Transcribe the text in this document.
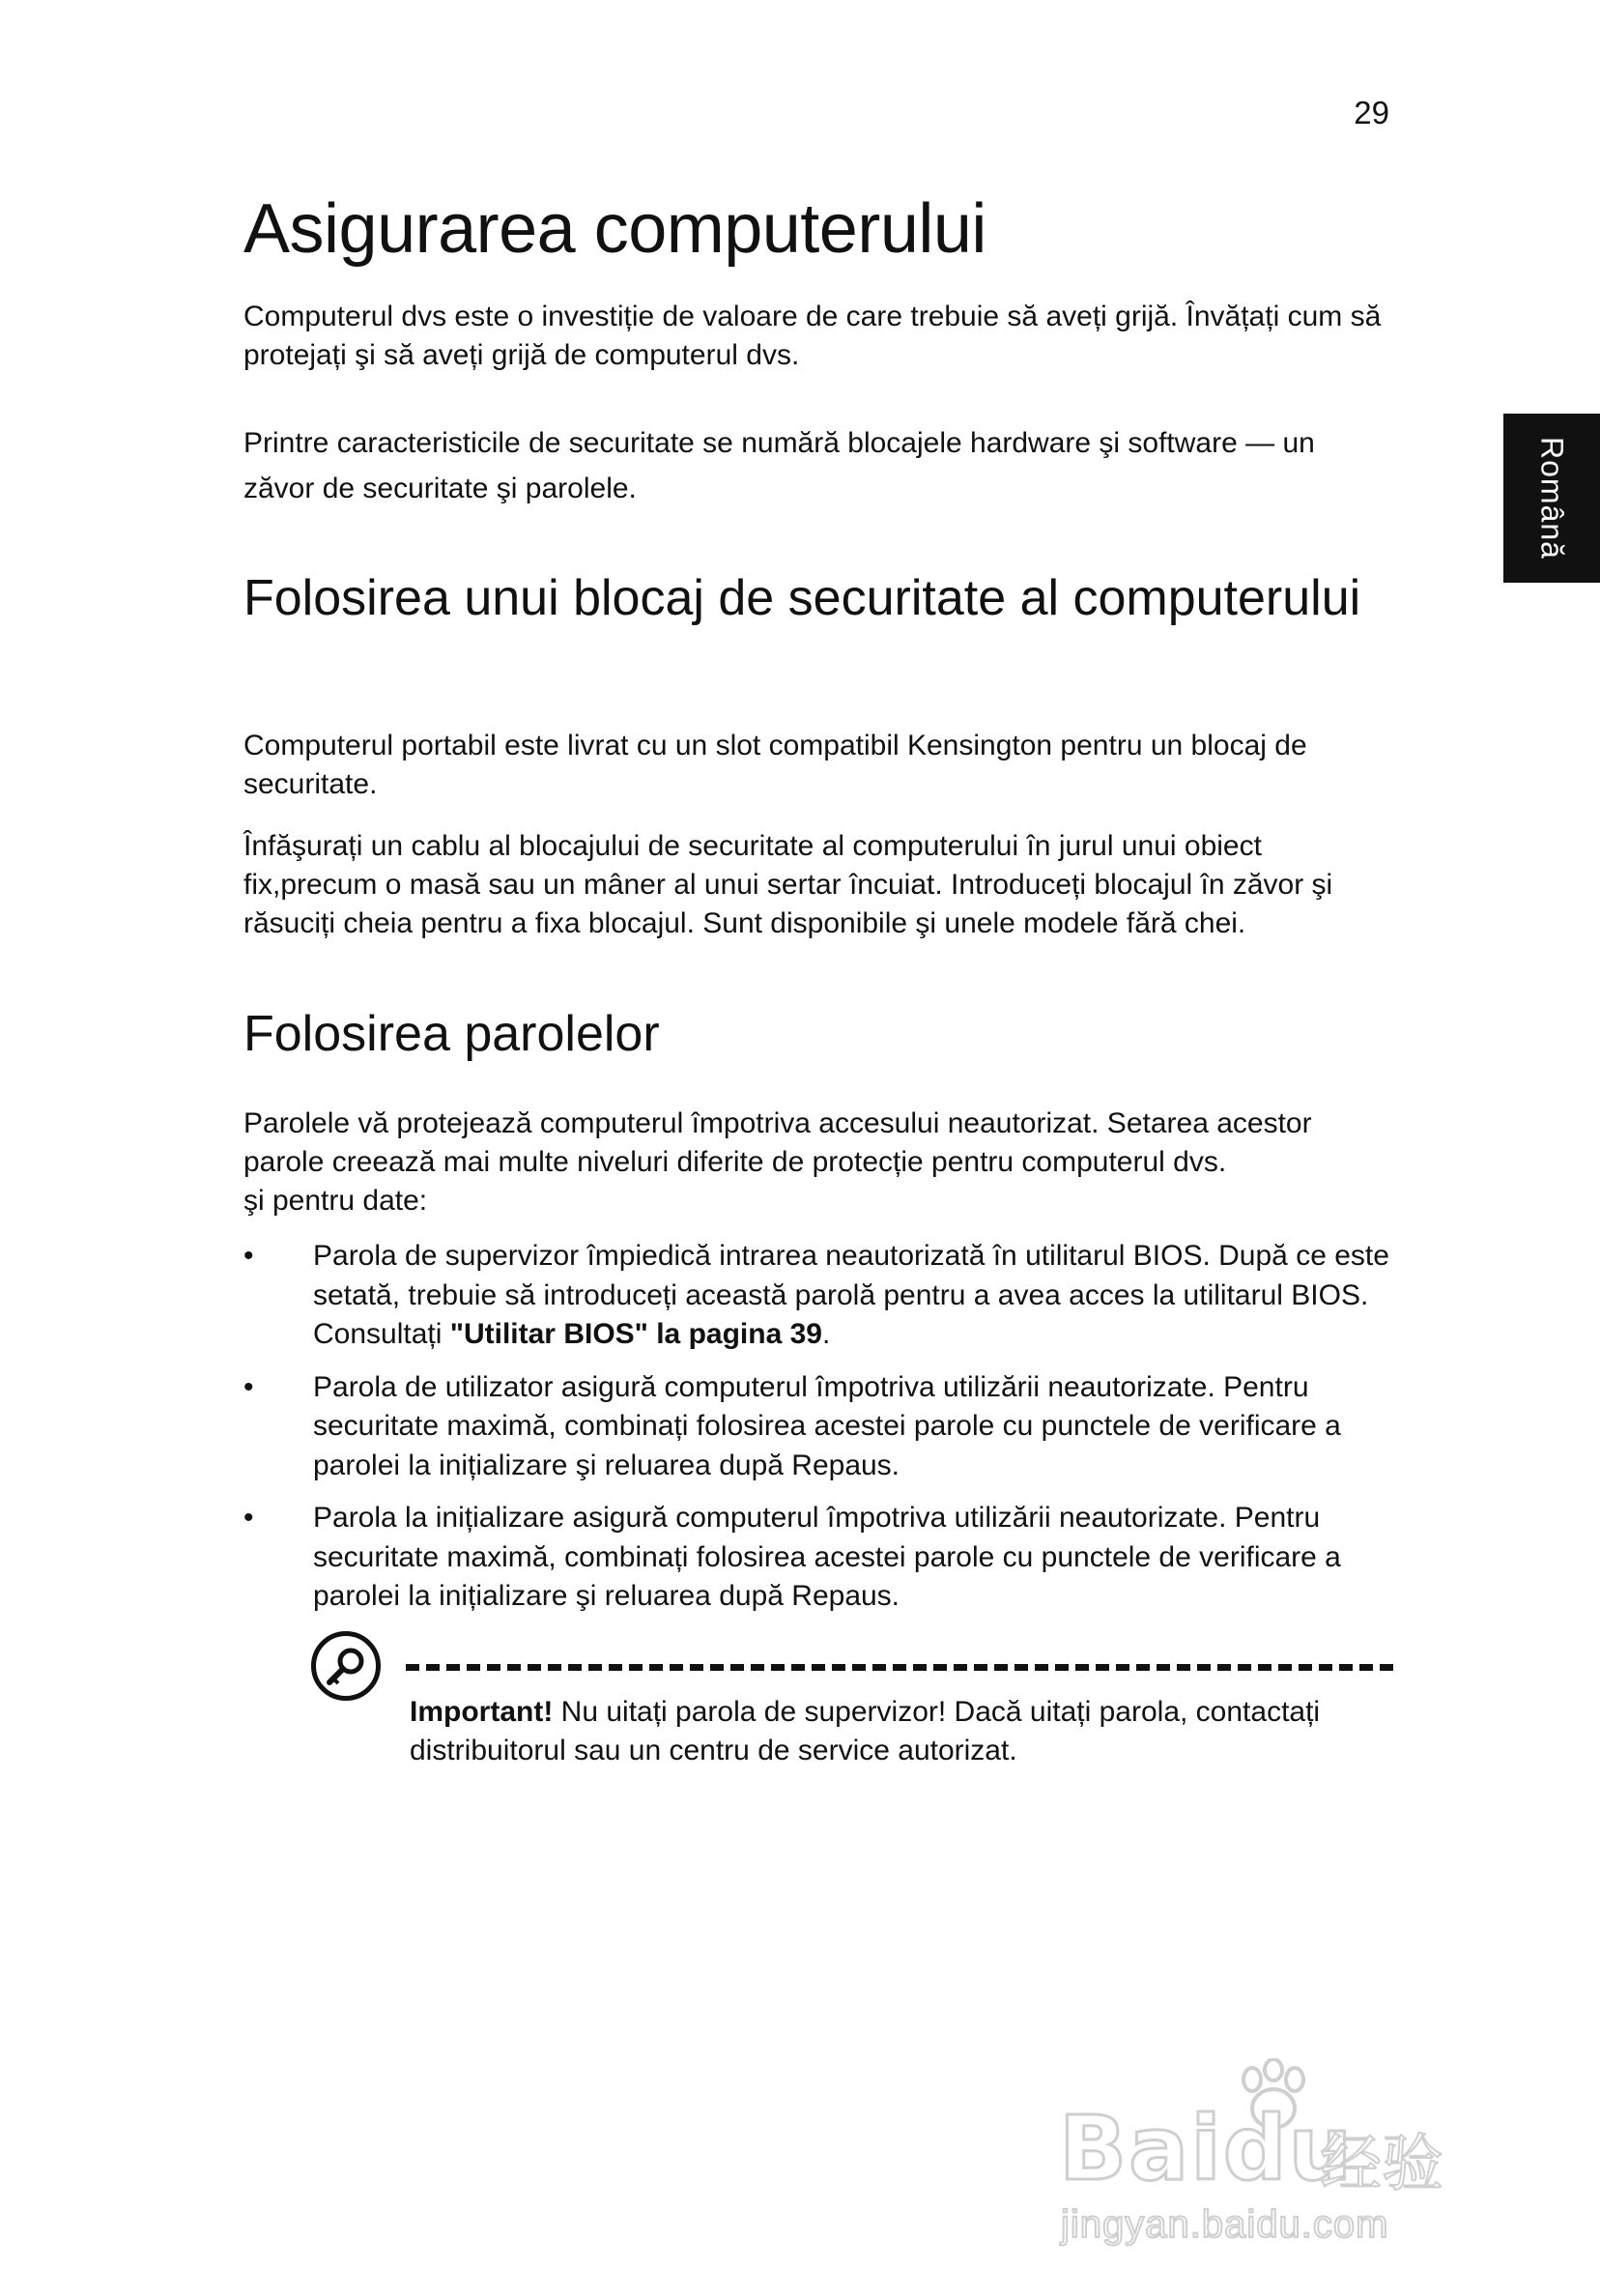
29
Română
Asigurarea computerului

Computerul dvs este o investiție de valoare de care trebuie să aveți grijă. Învățați cum să protejați şi să aveți grijă de computerul dvs.

Printre caracteristicile de securitate se numără blocajele hardware şi software — un zăvor de securitate şi parolele.

Folosirea unui blocaj de securitate al computerului

Computerul portabil este livrat cu un slot compatibil Kensington pentru un blocaj de securitate.

Înfăşurați un cablu al blocajului de securitate al computerului în jurul unui obiect fix,precum o masă sau un mâner al unui sertar încuiat. Introduceți blocajul în zăvor şi răsuciți cheia pentru a fixa blocajul. Sunt disponibile şi unele modele fără chei.

Folosirea parolelor

Parolele vă protejează computerul împotriva accesului neautorizat. Setarea acestor parole creează mai multe niveluri diferite de protecție pentru computerul dvs.

şi pentru date:

• Parola de supervizor împiedică intrarea neautorizată în utilitarul BIOS. După ce este setată, trebuie să introduceți această parolă pentru a avea acces la utilitarul BIOS. Consultați "Utilitar BIOS" la pagina 39.
• Parola de utilizator asigură computerul împotriva utilizării neautorizate. Pentru securitate maximă, combinați folosirea acestei parole cu punctele de verificare a parolei la inițializare şi reluarea după Repaus.
• Parola la inițializare asigură computerul împotriva utilizării neautorizate. Pentru securitate maximă, combinați folosirea acestei parole cu punctele de verificare a parolei la inițializare şi reluarea după Repaus.
Important! Nu uitați parola de supervizor! Dacă uitați parola, contactați distribuitorul sau un centru de service autorizat.
Baidu
经验
jingyan.baidu.com
